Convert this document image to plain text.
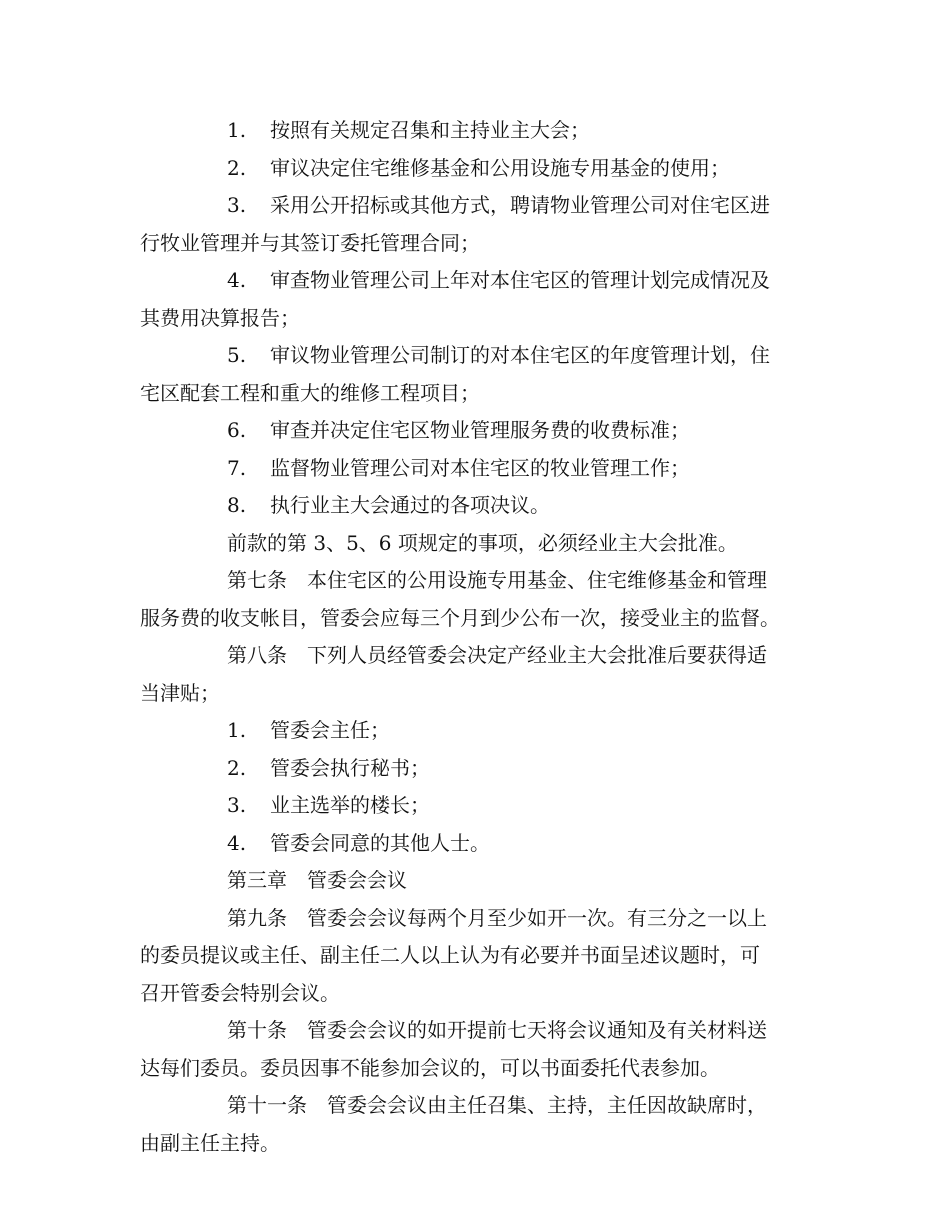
1. 按照有关规定召集和主持业主大会；
2. 审议决定住宅维修基金和公用设施专用基金的使用；
3. 采用公开招标或其他方式，聘请物业管理公司对住宅区进
行牧业管理并与其签订委托管理合同；
4. 审查物业管理公司上年对本住宅区的管理计划完成情况及
其费用决算报告；
5. 审议物业管理公司制订的对本住宅区的年度管理计划，住
宅区配套工程和重大的维修工程项目；
6. 审查并决定住宅区物业管理服务费的收费标准；
7. 监督物业管理公司对本住宅区的牧业管理工作；
8. 执行业主大会通过的各项决议。
前款的第 3、5、6 项规定的事项，必须经业主大会批准。
第七条　本住宅区的公用设施专用基金、住宅维修基金和管理
服务费的收支帐目，管委会应每三个月到少公布一次，接受业主的监督。
第八条　下列人员经管委会决定产经业主大会批准后要获得适
当津贴；
1. 管委会主任；
2. 管委会执行秘书；
3. 业主选举的楼长；
4. 管委会同意的其他人士。
第三章　管委会会议
第九条　管委会会议每两个月至少如开一次。有三分之一以上
的委员提议或主任、副主任二人以上认为有必要并书面呈述议题时，可
召开管委会特别会议。
第十条　管委会会议的如开提前七天将会议通知及有关材料送
达每们委员。委员因事不能参加会议的，可以书面委托代表参加。
第十一条　管委会会议由主任召集、主持，主任因故缺席时，
由副主任主持。
